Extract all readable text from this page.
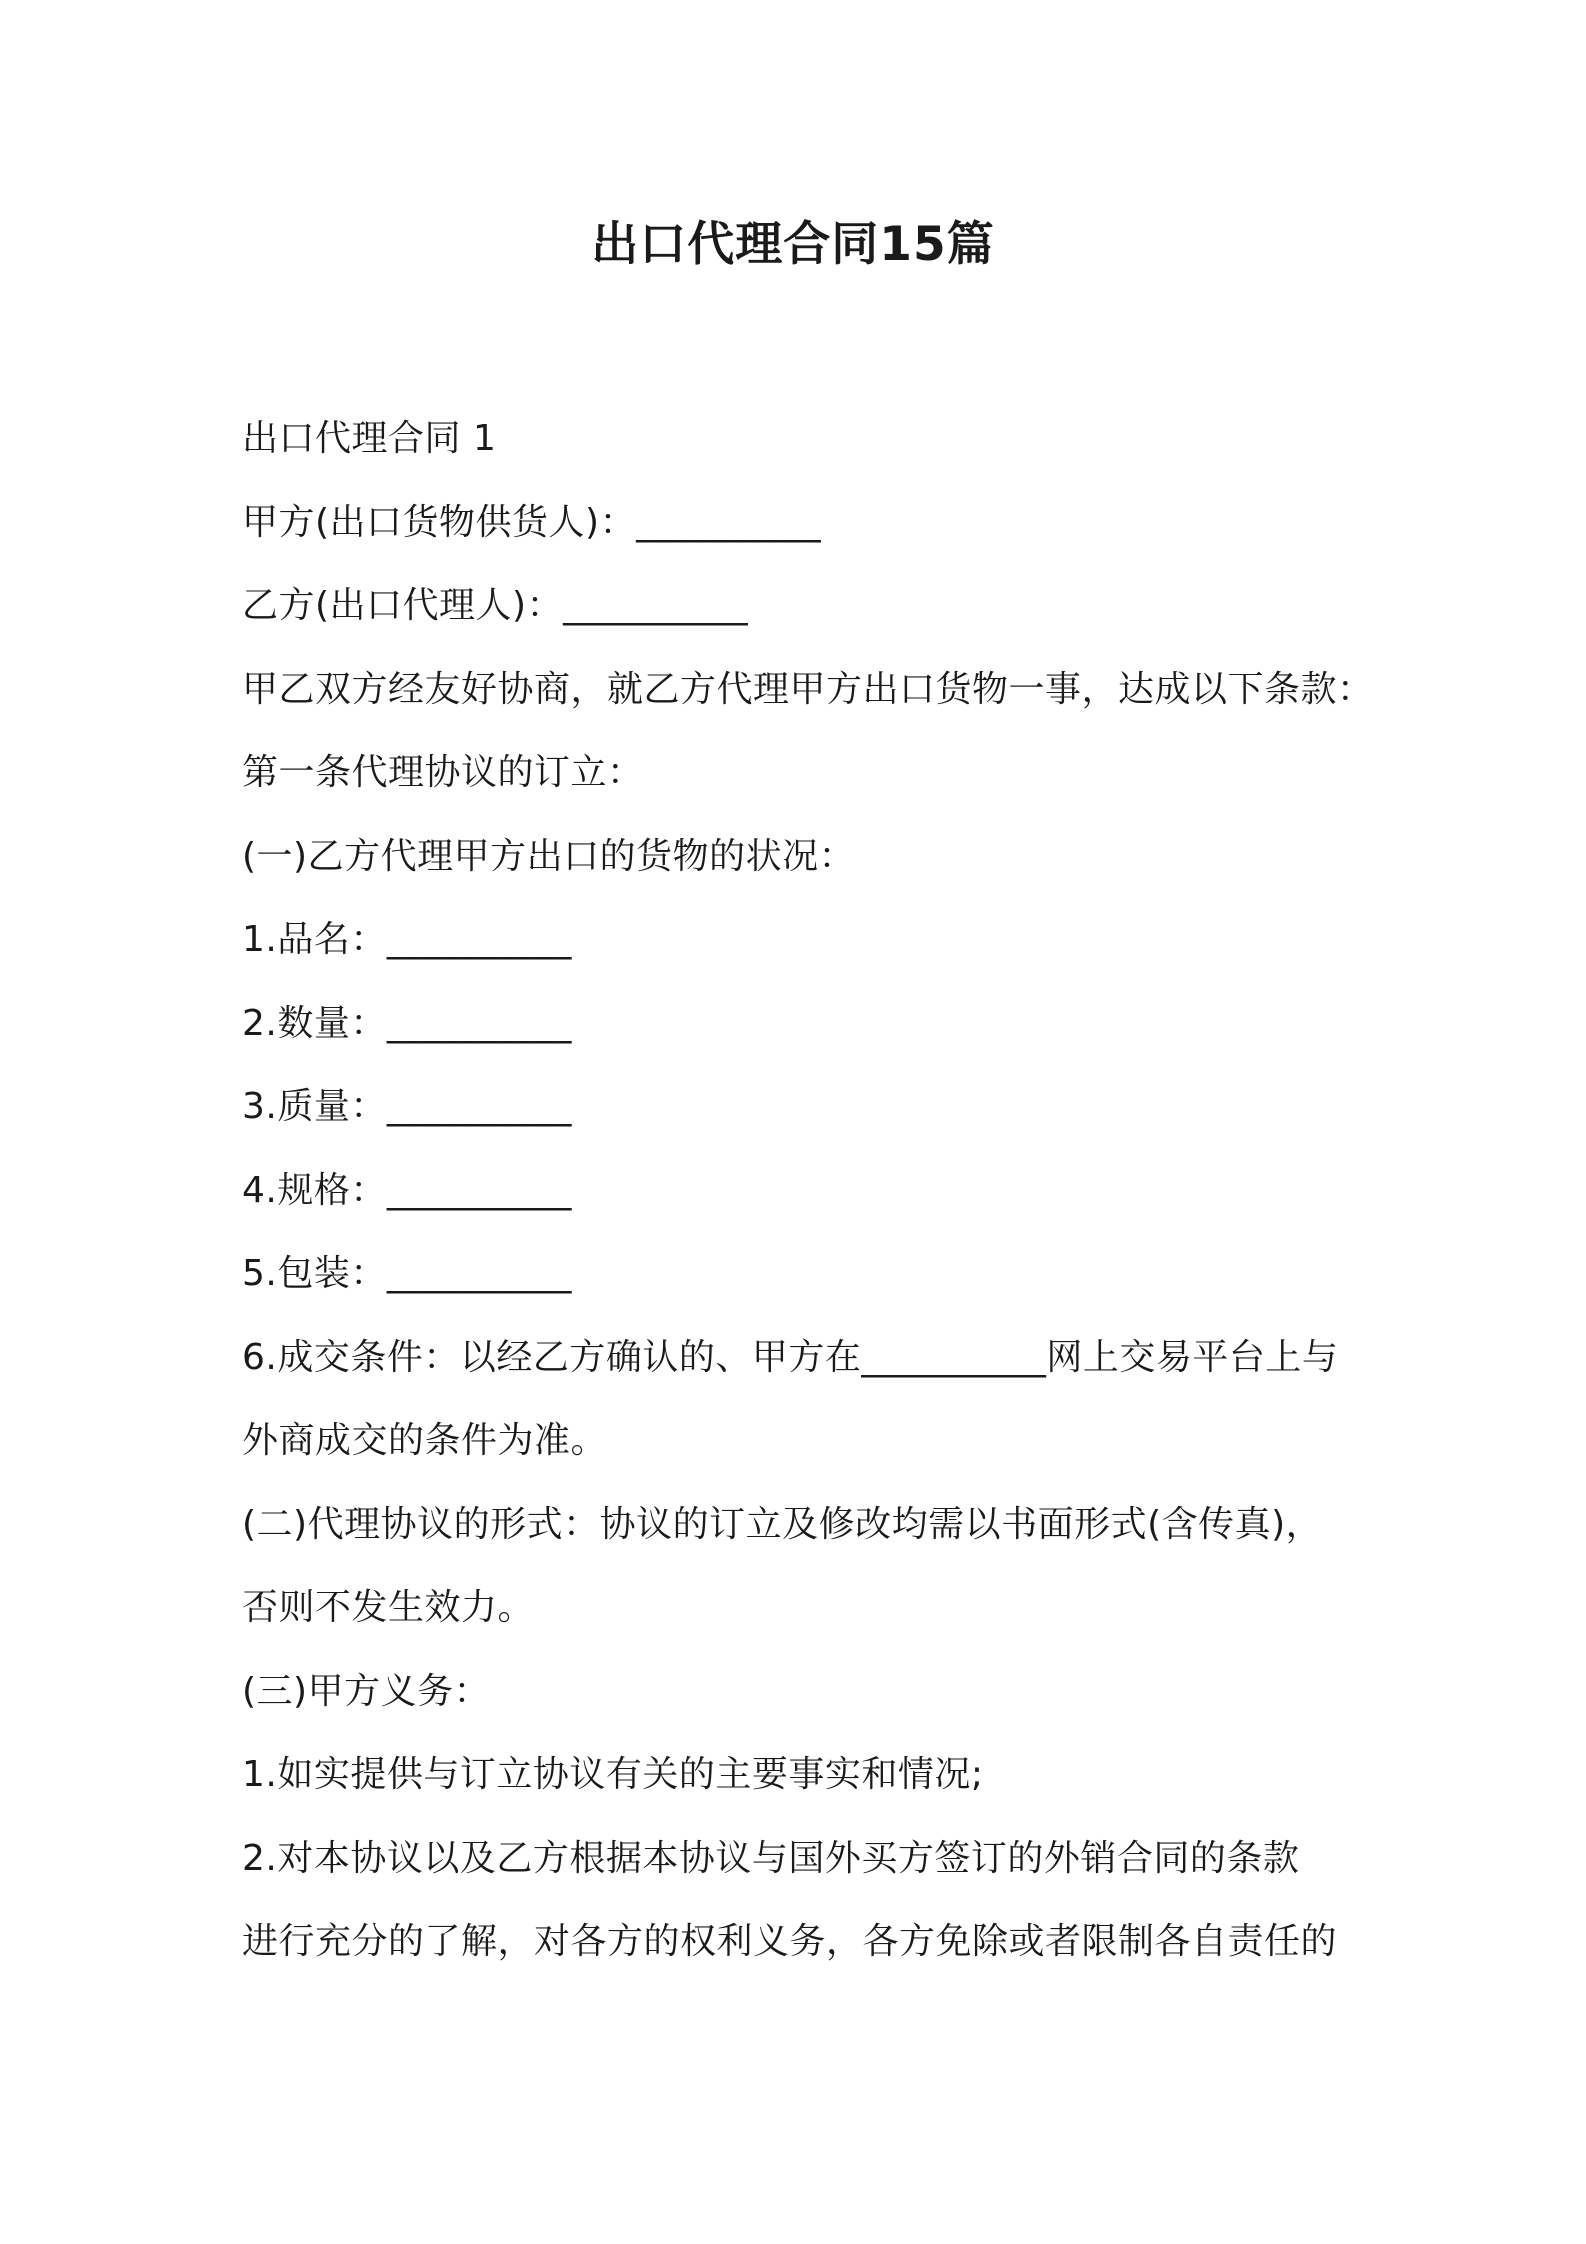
出口代理合同15篇
出口代理合同 1
甲方(出口货物供货人)：__________
乙方(出口代理人)：__________
甲乙双方经友好协商，就乙方代理甲方出口货物一事，达成以下条款：
第一条代理协议的订立：
(一)乙方代理甲方出口的货物的状况：
1.品名：__________
2.数量：__________
3.质量：__________
4.规格：__________
5.包装：__________
6.成交条件：以经乙方确认的、甲方在__________网上交易平台上与
外商成交的条件为准。
(二)代理协议的形式：协议的订立及修改均需以书面形式(含传真)，
否则不发生效力。
(三)甲方义务：
1.如实提供与订立协议有关的主要事实和情况;
2.对本协议以及乙方根据本协议与国外买方签订的外销合同的条款
进行充分的了解，对各方的权利义务，各方免除或者限制各自责任的
